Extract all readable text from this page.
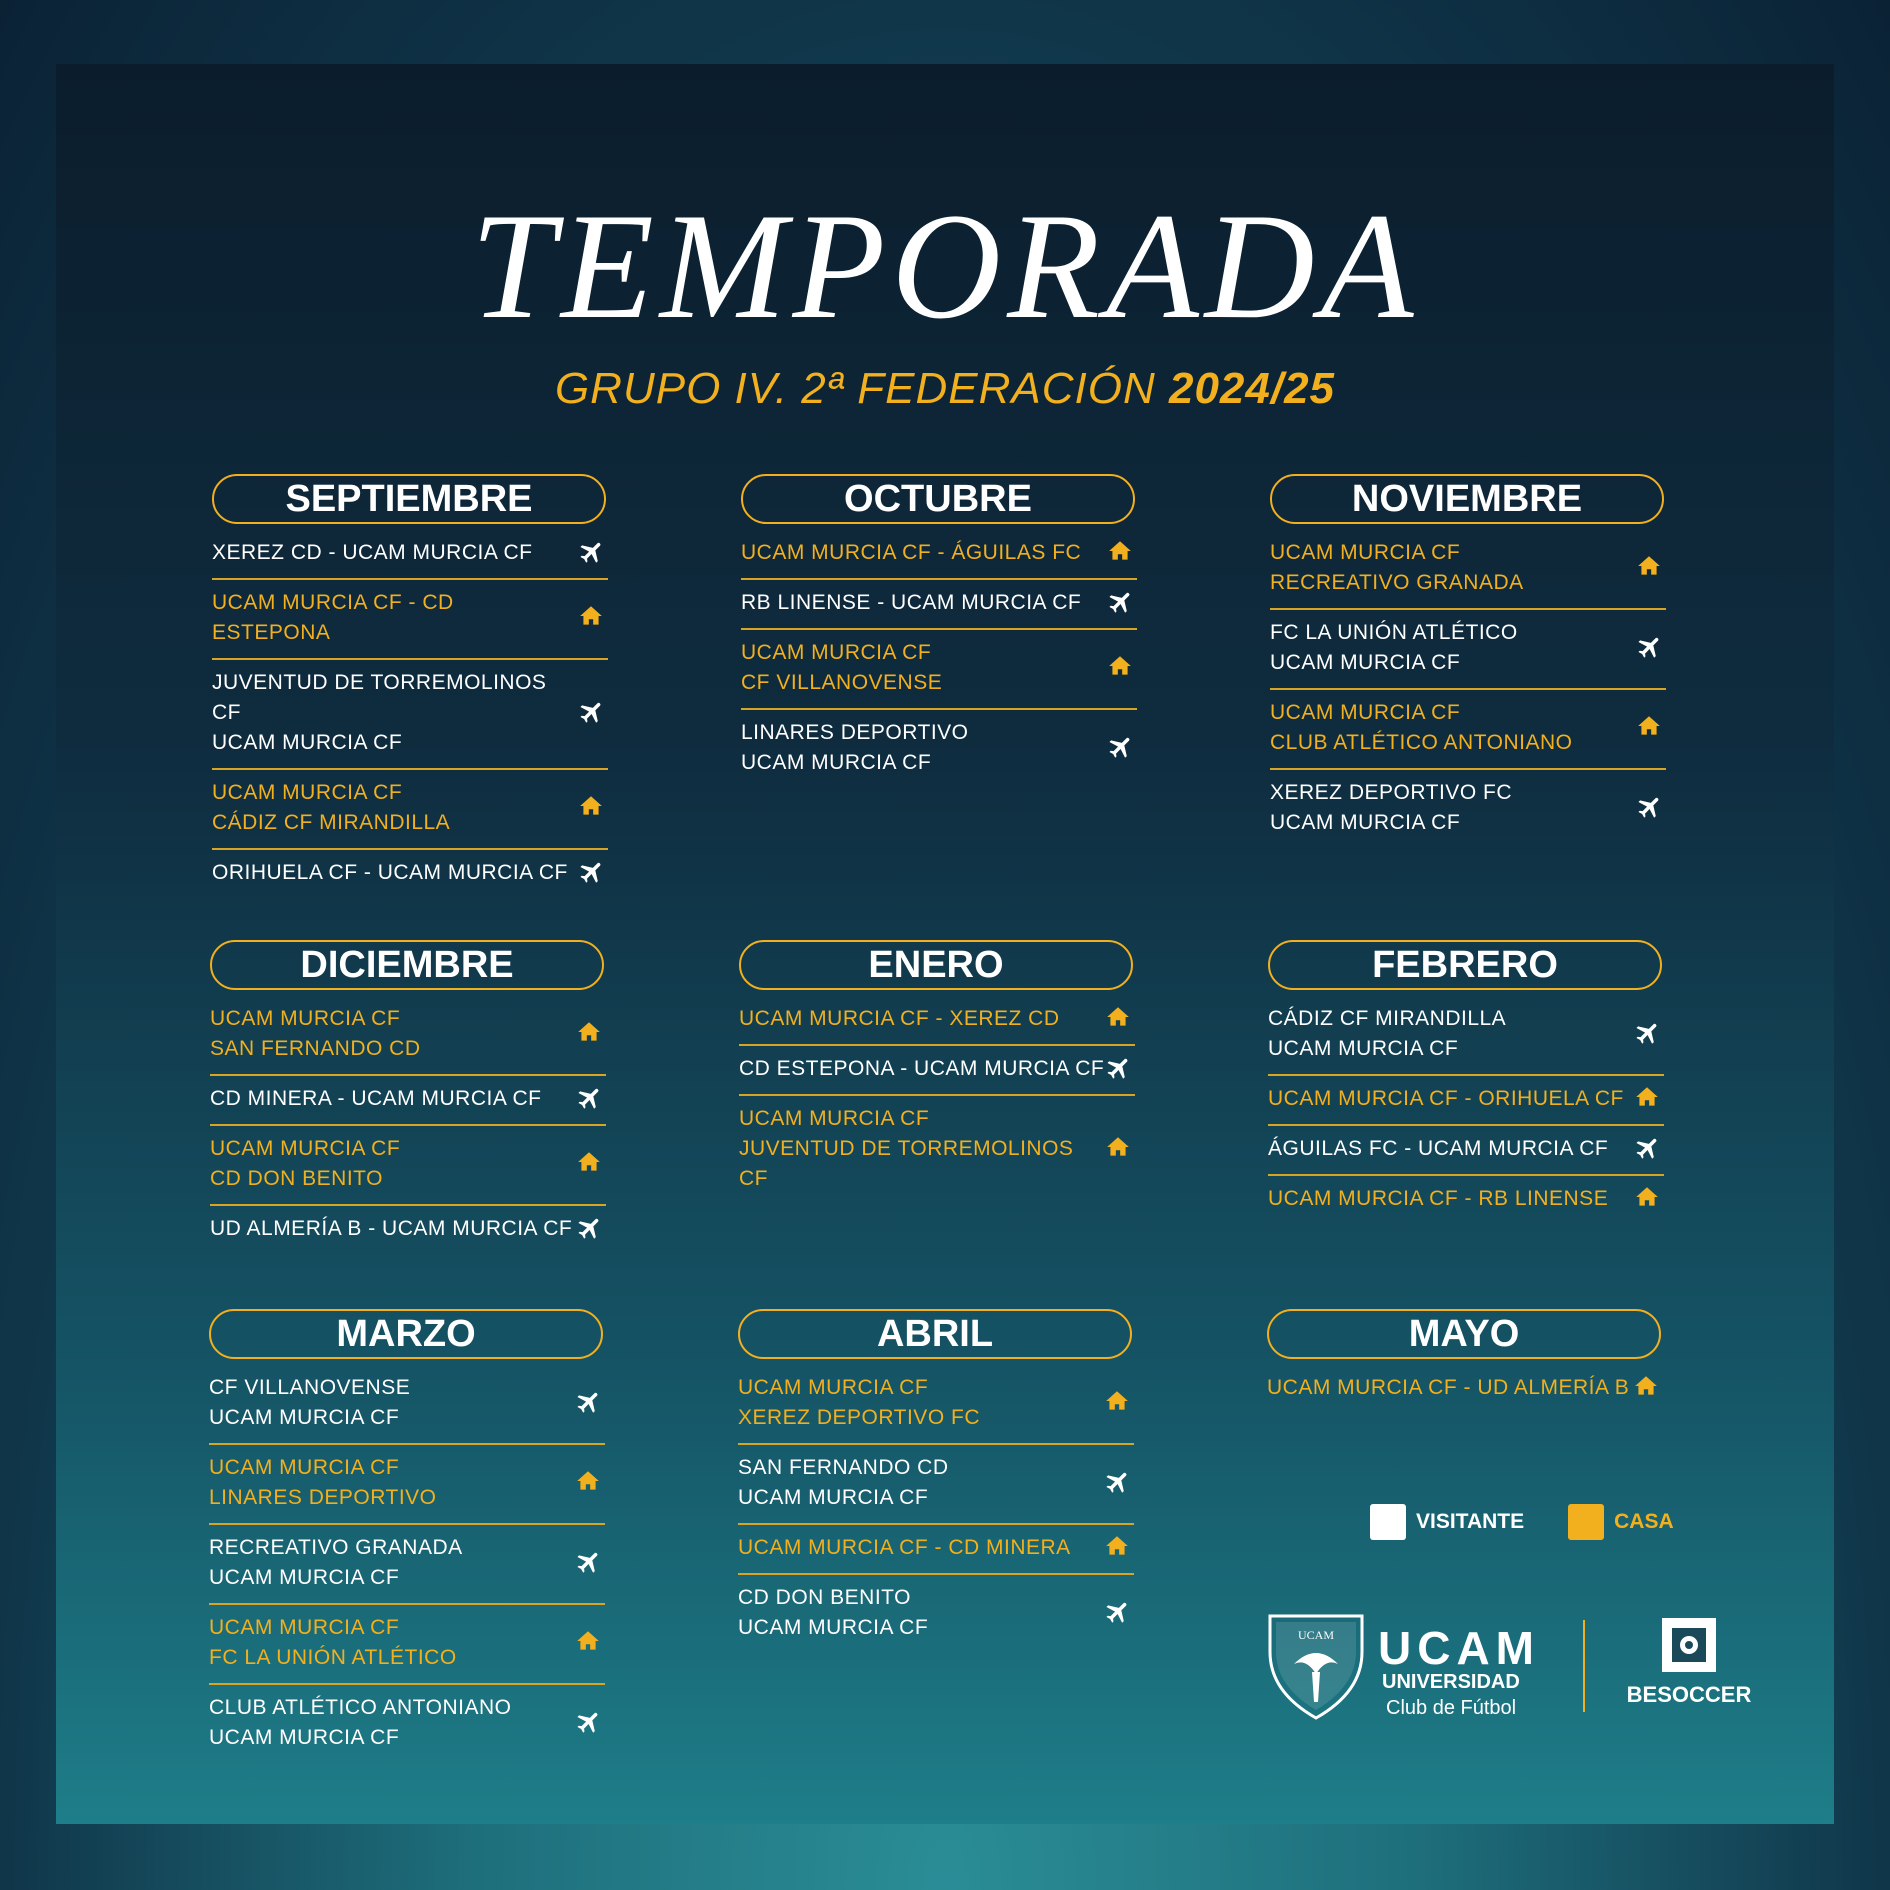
TEMPORADA
GRUPO IV. 2ª FEDERACIÓN 2024/25
SEPTIEMBRE
XEREZ CD - UCAM MURCIA CF
UCAM MURCIA CF - CD ESTEPONA
JUVENTUD DE TORREMOLINOS CF
UCAM MURCIA CF
UCAM MURCIA CF
CÁDIZ CF MIRANDILLA
ORIHUELA CF - UCAM MURCIA CF
OCTUBRE
UCAM MURCIA CF - ÁGUILAS FC
RB LINENSE - UCAM MURCIA CF
UCAM MURCIA CF
CF VILLANOVENSE
LINARES DEPORTIVO
UCAM MURCIA CF
NOVIEMBRE
UCAM MURCIA CF
RECREATIVO GRANADA
FC LA UNIÓN ATLÉTICO
UCAM MURCIA CF
UCAM MURCIA CF
CLUB ATLÉTICO ANTONIANO
XEREZ DEPORTIVO FC
UCAM MURCIA CF
DICIEMBRE
UCAM MURCIA CF
SAN FERNANDO CD
CD MINERA - UCAM MURCIA CF
UCAM MURCIA CF
CD DON BENITO
UD ALMERÍA B - UCAM MURCIA CF
ENERO
UCAM MURCIA CF - XEREZ CD
CD ESTEPONA - UCAM MURCIA CF
UCAM MURCIA CF
JUVENTUD DE TORREMOLINOS CF
FEBRERO
CÁDIZ CF MIRANDILLA
UCAM MURCIA CF
UCAM MURCIA CF - ORIHUELA CF
ÁGUILAS FC - UCAM MURCIA CF
UCAM MURCIA CF - RB LINENSE
MARZO
CF VILLANOVENSE
UCAM MURCIA CF
UCAM MURCIA CF
LINARES DEPORTIVO
RECREATIVO GRANADA
UCAM MURCIA CF
UCAM MURCIA CF
FC LA UNIÓN ATLÉTICO
CLUB ATLÉTICO ANTONIANO
UCAM MURCIA CF
ABRIL
UCAM MURCIA CF
XEREZ DEPORTIVO FC
SAN FERNANDO CD
UCAM MURCIA CF
UCAM MURCIA CF - CD MINERA
CD DON BENITO
UCAM MURCIA CF
MAYO
UCAM MURCIA CF - UD ALMERÍA B
VISITANTE	CASA
UCAM UCAM
UNIVERSIDAD
Club de Fútbol
BESOCCER
